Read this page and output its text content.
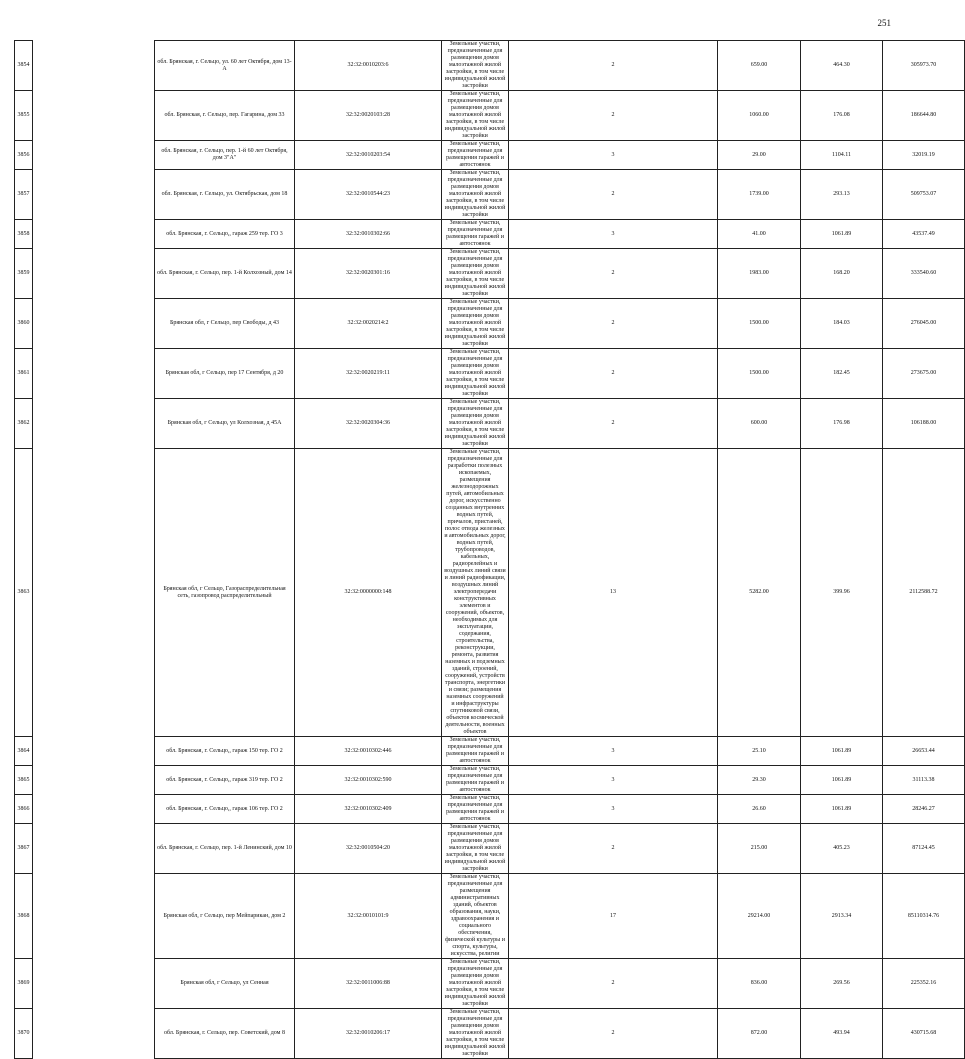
251
3854		обл. Брянская, г. Сельцо, ул. 60 лет Октября, дом 13-А	32:32:0010203:6	Земельные участки, предназначенные для размещения домов малоэтажной жилой застройки, в том числе индивидуальной жилой застройки	2	659.00	464.30	305973.70
3855		обл. Брянская, г. Сельцо, пер. Гагарина, дом 33	32:32:0020103:28	Земельные участки, предназначенные для размещения домов малоэтажной жилой застройки, в том числе индивидуальной жилой застройки	2	1060.00	176.08	186644.80
3856		обл. Брянская, г. Сельцо, пер. 1-й 60 лет Октября, дом 3"А"	32:32:0010203:54	Земельные участки, предназначенные для размещения гаражей и автостоянок	3	29.00	1104.11	32019.19
3857		обл. Брянская, г. Сельцо, ул. Октябрьская, дом 18	32:32:0010544:23	Земельные участки, предназначенные для размещения домов малоэтажной жилой застройки, в том числе индивидуальной жилой застройки	2	1739.00	293.13	509753.07
3858		обл. Брянская, г. Сельцо,, гараж 259 тер. ГО 3	32:32:0010302:66	Земельные участки, предназначенные для размещения гаражей и автостоянок	3	41.00	1061.89	43537.49
3859		обл. Брянская, г. Сельцо, пер. 1-й Колхозный, дом 14	32:32:0020301:16	Земельные участки, предназначенные для размещения домов малоэтажной жилой застройки, в том числе индивидуальной жилой застройки	2	1983.00	168.20	333540.60
3860		Брянская обл, г Сельцо, пер Свободы, д 43	32:32:0020214:2	Земельные участки, предназначенные для размещения домов малоэтажной жилой застройки, в том числе индивидуальной жилой застройки	2	1500.00	184.03	276045.00
3861		Брянская обл, г Сельцо, пер 17 Сентября, д 20	32:32:0020219:11	Земельные участки, предназначенные для размещения домов малоэтажной жилой застройки, в том числе индивидуальной жилой застройки	2	1500.00	182.45	273675.00
3862		Брянская обл, г Сельцо, ул Колхозная, д 45А	32:32:0020304:36	Земельные участки, предназначенные для размещения домов малоэтажной жилой застройки, в том числе индивидуальной жилой застройки	2	600.00	176.98	106188.00
3863		Брянская обл, г Сельцо, Газораспределительная сеть, газопровод распределительный	32:32:0000000:148	Земельные участки, предназначенные для разработки полезных ископаемых, размещения железнодорожных путей, автомобильных дорог, искусственно созданных внутренних водных путей, причалов, пристаней, полос отвода железных и автомобильных дорог, водных путей, трубопроводов, кабельных, радиорелейных и воздушных линий связи и линий радиофикации, воздушных линий электропередачи конструктивных элементов и сооружений, объектов, необходимых для эксплуатации, содержания, строительства, реконструкции, ремонта, развития наземных и подземных зданий, строений, сооружений, устройств транспорта, энергетики и связи; размещения наземных сооружений и инфраструктуры спутниковой связи, объектов космической деятельности, военных объектов	13	5282.00	399.96	2112588.72
3864		обл. Брянская, г. Сельцо,, гараж 150 тер. ГО 2	32:32:0010302:446	Земельные участки, предназначенные для размещения гаражей и автостоянок	3	25.10	1061.89	26653.44
3865		обл. Брянская, г. Сельцо,, гараж 319 тер. ГО 2	32:32:0010302:590	Земельные участки, предназначенные для размещения гаражей и автостоянок	3	29.30	1061.89	31113.38
3866		обл. Брянская, г. Сельцо,, гараж 106 тер. ГО 2	32:32:0010302:409	Земельные участки, предназначенные для размещения гаражей и автостоянок	3	26.60	1061.89	28246.27
3867		обл. Брянская, г. Сельцо, пер. 1-й Ленинский, дом 10	32:32:0010504:20	Земельные участки, предназначенные для размещения домов малоэтажной жилой застройки, в том числе индивидуальной жилой застройки	2	215.00	405.23	87124.45
3868		Брянская обл, г Сельцо, пер Мейпарикан, дом 2	32:32:0010101:9	Земельные участки, предназначенные для размещения административных зданий, объектов образования, науки, здравоохранения и социального обеспечения, физической культуры и спорта, культуры, искусства, религии	17	29214.00	2913.34	85110314.76
3869		Брянская обл, г Сельцо, ул Сенная	32:32:0011006:88	Земельные участки, предназначенные для размещения домов малоэтажной жилой застройки, в том числе индивидуальной жилой застройки	2	836.00	269.56	225352.16
3870		обл. Брянская, г. Сельцо, пер. Советский, дом 8	32:32:0010206:17	Земельные участки, предназначенные для размещения домов малоэтажной жилой застройки, в том числе индивидуальной жилой застройки	2	872.00	493.94	430715.68
